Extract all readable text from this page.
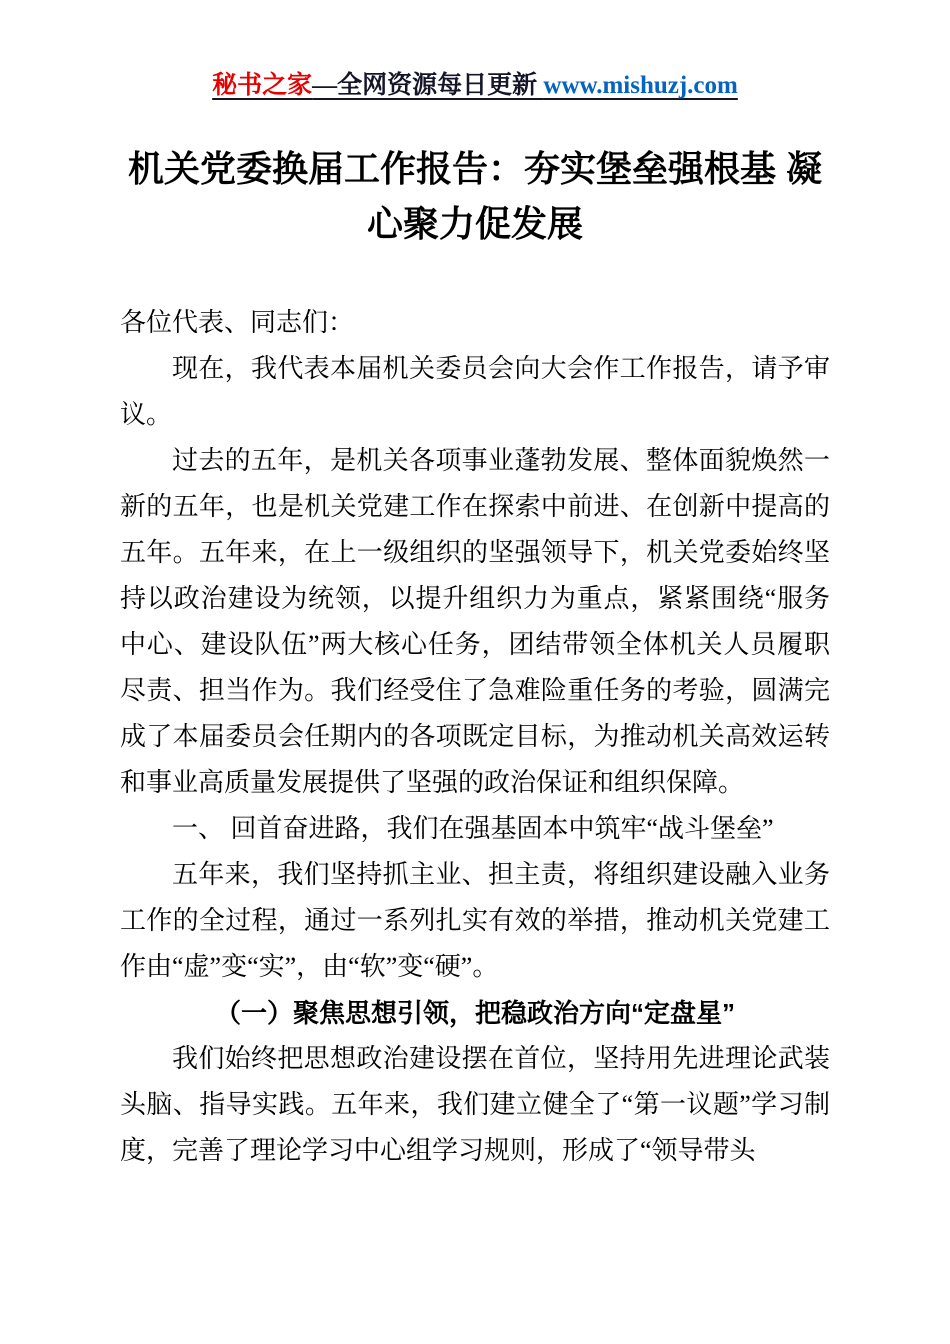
秘书之家—全网资源每日更新 www.mishuzj.com
机关党委换届工作报告：夯实堡垒强根基 凝心聚力促发展

各位代表、同志们：

现在，我代表本届机关委员会向大会作工作报告，请予审议。

过去的五年，是机关各项事业蓬勃发展、整体面貌焕然一新的五年，也是机关党建工作在探索中前进、在创新中提高的五年。五年来，在上一级组织的坚强领导下，机关党委始终坚持以政治建设为统领，以提升组织力为重点，紧紧围绕“服务中心、建设队伍”两大核心任务，团结带领全体机关人员履职尽责、担当作为。我们经受住了急难险重任务的考验，圆满完成了本届委员会任期内的各项既定目标，为推动机关高效运转和事业高质量发展提供了坚强的政治保证和组织保障。

一、 回首奋进路，我们在强基固本中筑牢“战斗堡垒”

五年来，我们坚持抓主业、担主责，将组织建设融入业务工作的全过程，通过一系列扎实有效的举措，推动机关党建工作由“虚”变“实”，由“软”变“硬”。

（一）聚焦思想引领，把稳政治方向“定盘星”

我们始终把思想政治建设摆在首位，坚持用先进理论武装头脑、指导实践。五年来，我们建立健全了“第一议题”学习制度，完善了理论学习中心组学习规则，形成了“领导带头
